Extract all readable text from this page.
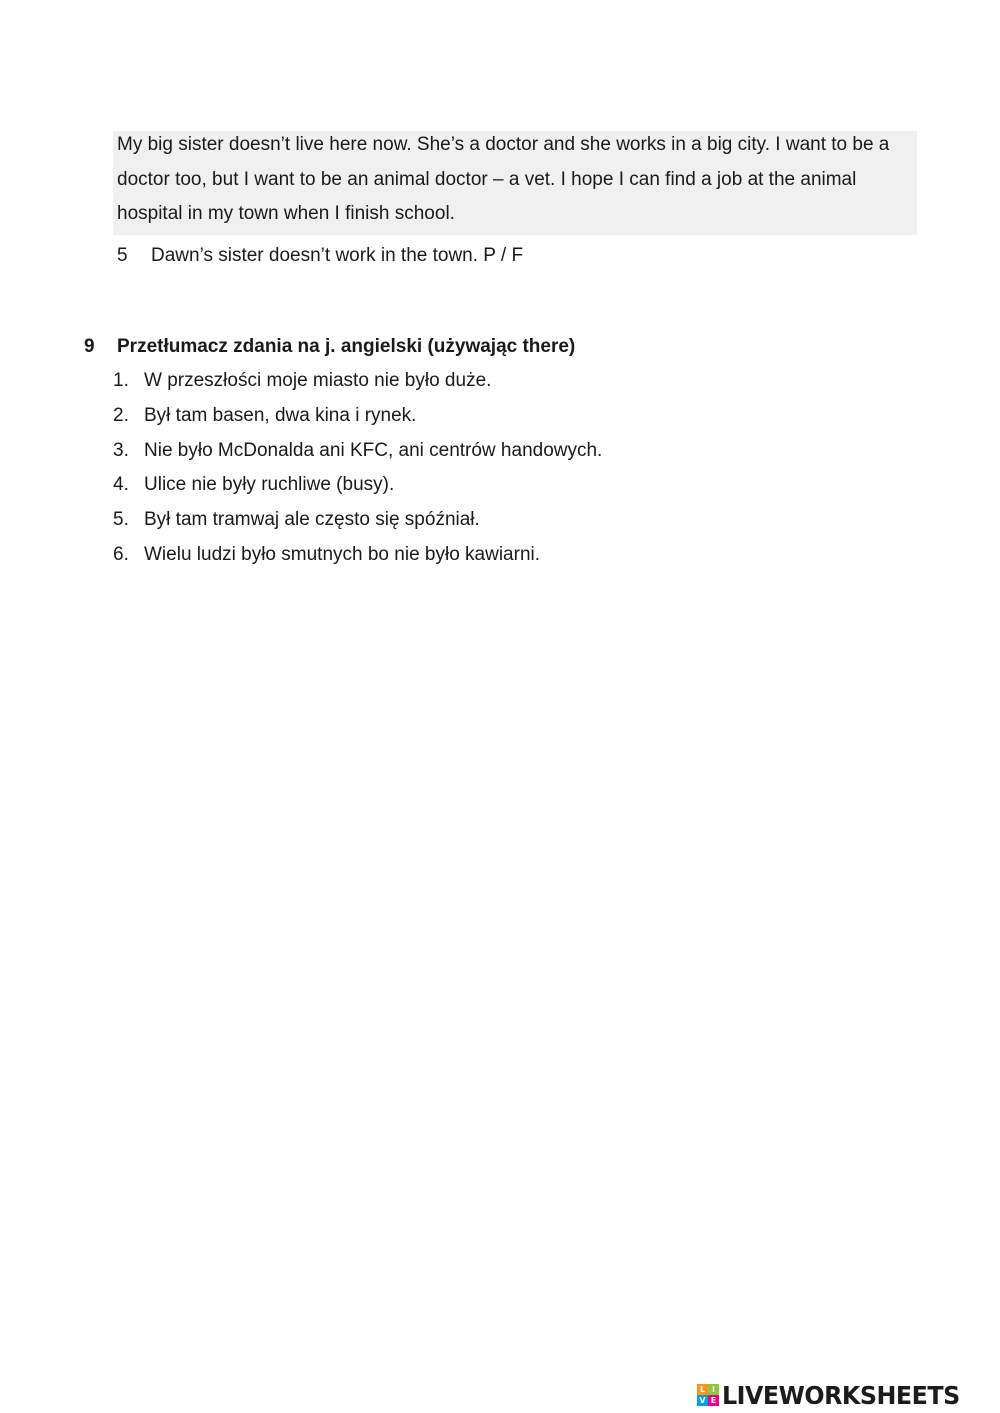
My big sister doesn’t live here now. She’s a doctor and she works in a big city. I want to be a doctor too, but I want to be an animal doctor – a vet. I hope I can find a job at the animal hospital in my town when I finish school.

5	Dawn’s sister doesn’t work in the town. P / F
9	Przetłumacz zdania na j. angielski (używając there)
1. W przeszłości moje miasto nie było duże.
2. Był tam basen, dwa kina i rynek.
3. Nie było McDonalda ani KFC, ani centrów handowych.
4. Ulice nie były ruchliwe (busy).
5. Był tam tramwaj ale często się spóźniał.
6. Wielu ludzi było smutnych bo nie było kawiarni.
L I
V E LIVEWORKSHEETS
